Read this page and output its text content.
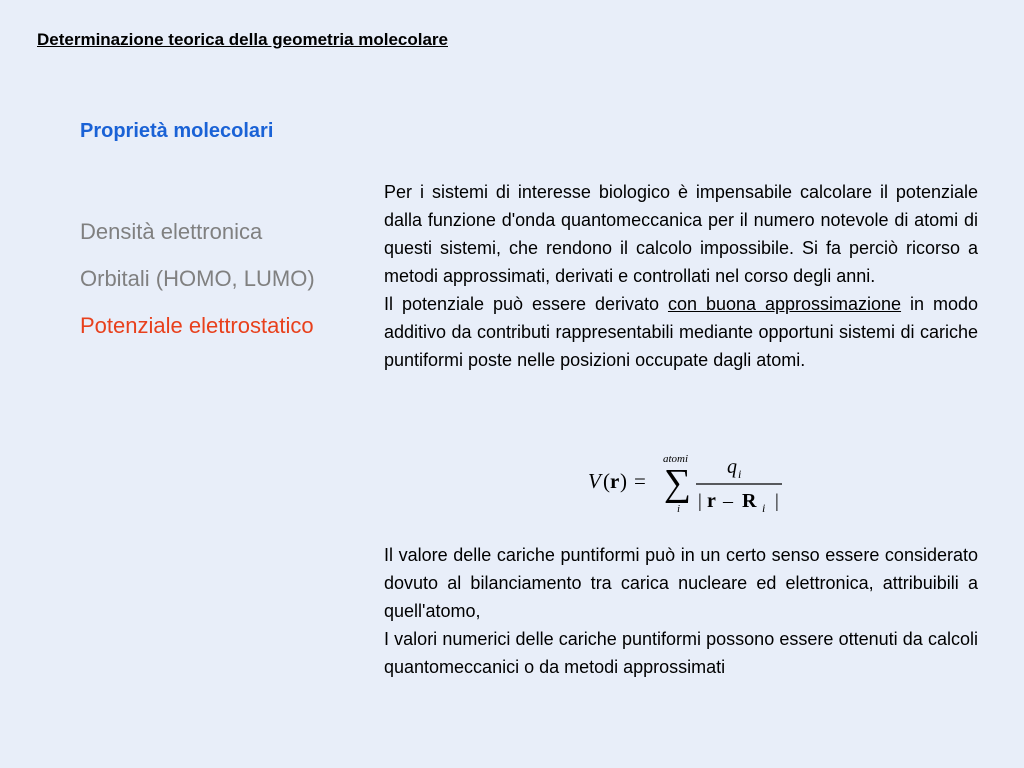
Determinazione teorica della geometria molecolare
Proprietà molecolari
Densità elettronica
Orbitali (HOMO, LUMO)
Potenziale elettrostatico

Per i sistemi di interesse biologico è impensabile calcolare il potenziale dalla funzione d'onda quantomeccanica per il numero notevole di atomi di questi sistemi, che rendono il calcolo impossibile. Si fa perciò ricorso a metodi approssimati, derivati e controllati nel corso degli anni.

Il potenziale può essere derivato con buona approssimazione in modo additivo da contributi rappresentabili mediante opportuni sistemi di cariche puntiformi poste nelle posizioni occupate dagli atomi.

V ( r ) =
atomi
∑
i
q i
| r – R i |

Il valore delle cariche puntiformi può in un certo senso essere considerato dovuto al bilanciamento tra carica nucleare ed elettronica, attribuibili a quell'atomo,

I valori numerici delle cariche puntiformi possono essere ottenuti da calcoli quantomeccanici o da metodi approssimati
